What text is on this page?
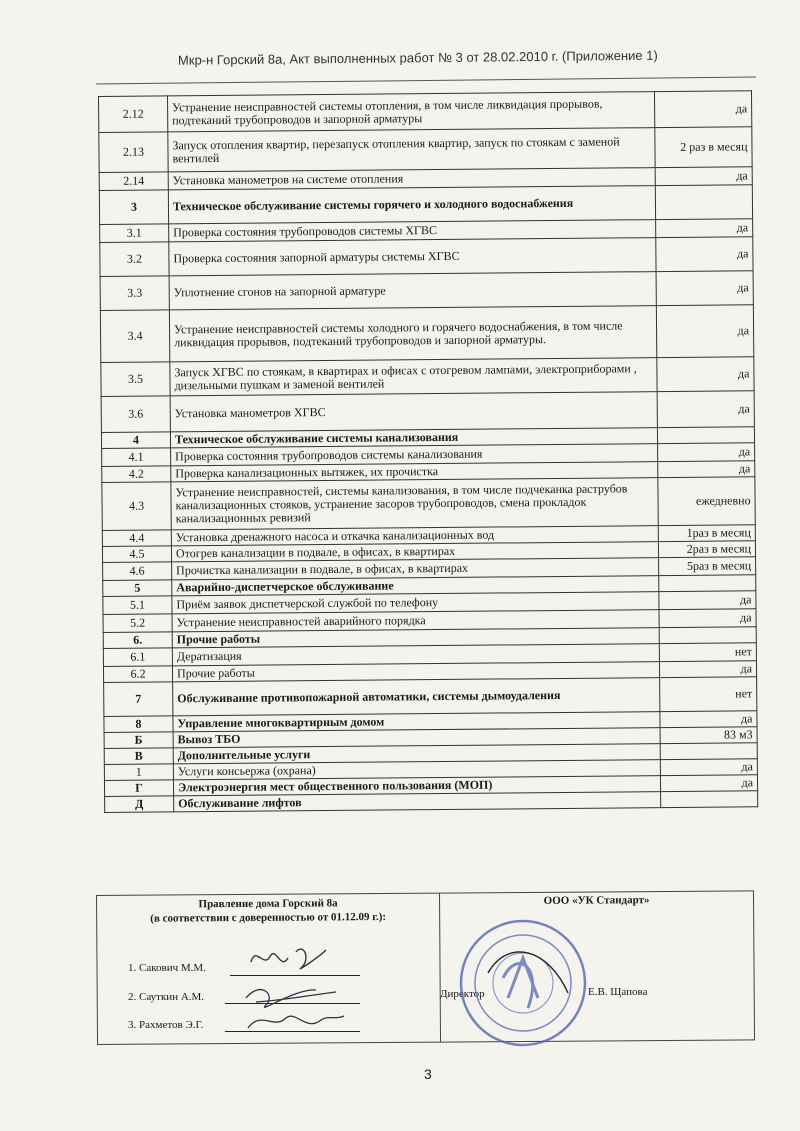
Мкр-н Горский 8а, Акт выполненных работ № 3 от 28.02.2010 г. (Приложение 1)
2.12	Устранение неисправностей системы отопления, в том числе ликвидация прорывов, подтеканий трубопроводов и запорной арматуры	да
2.13	Запуск отопления квартир, перезапуск отопления квартир, запуск по стоякам с заменой вентилей	2 раз в месяц
2.14	Установка манометров на системе отопления	да
3	Техническое обслуживание системы горячего и холодного водоснабжения	
3.1	Проверка состояния трубопроводов системы ХГВС	да
3.2	Проверка состояния запорной арматуры системы ХГВС	да
3.3	Уплотнение сгонов на запорной арматуре	да
3.4	Устранение неисправностей системы холодного и горячего водоснабжения, в том числе ликвидация прорывов, подтеканий трубопроводов и запорной арматуры.	да
3.5	Запуск ХГВС по стоякам, в квартирах и офисах с отогревом лампами, электроприборами , дизельными пушкам и заменой вентилей	да
3.6	Установка манометров ХГВС	да
4	Техническое обслуживание системы канализования	
4.1	Проверка состояния трубопроводов системы канализования	да
4.2	Проверка канализационных вытяжек, их прочистка	да
4.3	Устранение неисправностей, системы канализования, в том числе подчеканка раструбов канализационных стояков, устранение засоров трубопроводов, смена прокладок канализационных ревизий	ежедневно
4.4	Установка дренажного насоса и откачка канализационных вод	1раз в месяц
4.5	Отогрев канализации в подвале, в офисах, в квартирах	2раз в месяц
4.6	Прочистка канализации в подвале, в офисах, в квартирах	5раз в месяц
5	Аварийно-диспетчерское обслуживание	
5.1	Приём заявок диспетчерской службой по телефону	да
5.2	Устранение неисправностей аварийного порядка	да
6.	Прочие работы	
6.1	Дератизация	нет
6.2	Прочие работы	да
7	Обслуживание противопожарной автоматики, системы дымоудаления	нет
8	Управление многоквартирным домом	да
Б	Вывоз ТБО	83 м3
В	Дополнительные услуги	
1	Услуги консьержа (охрана)	да
Г	Электроэнергия мест общественного пользования (МОП)	да
Д	Обслуживание лифтов	
Правление дома Горский 8а
(в соответствии с доверенностью от 01.12.09 г.):

ООО «УК Стандарт»
1. Сакович М.М.
2. Сауткин А.М.
3. Рахметов Э.Г.
Директор	Е.В. Щапова
3
